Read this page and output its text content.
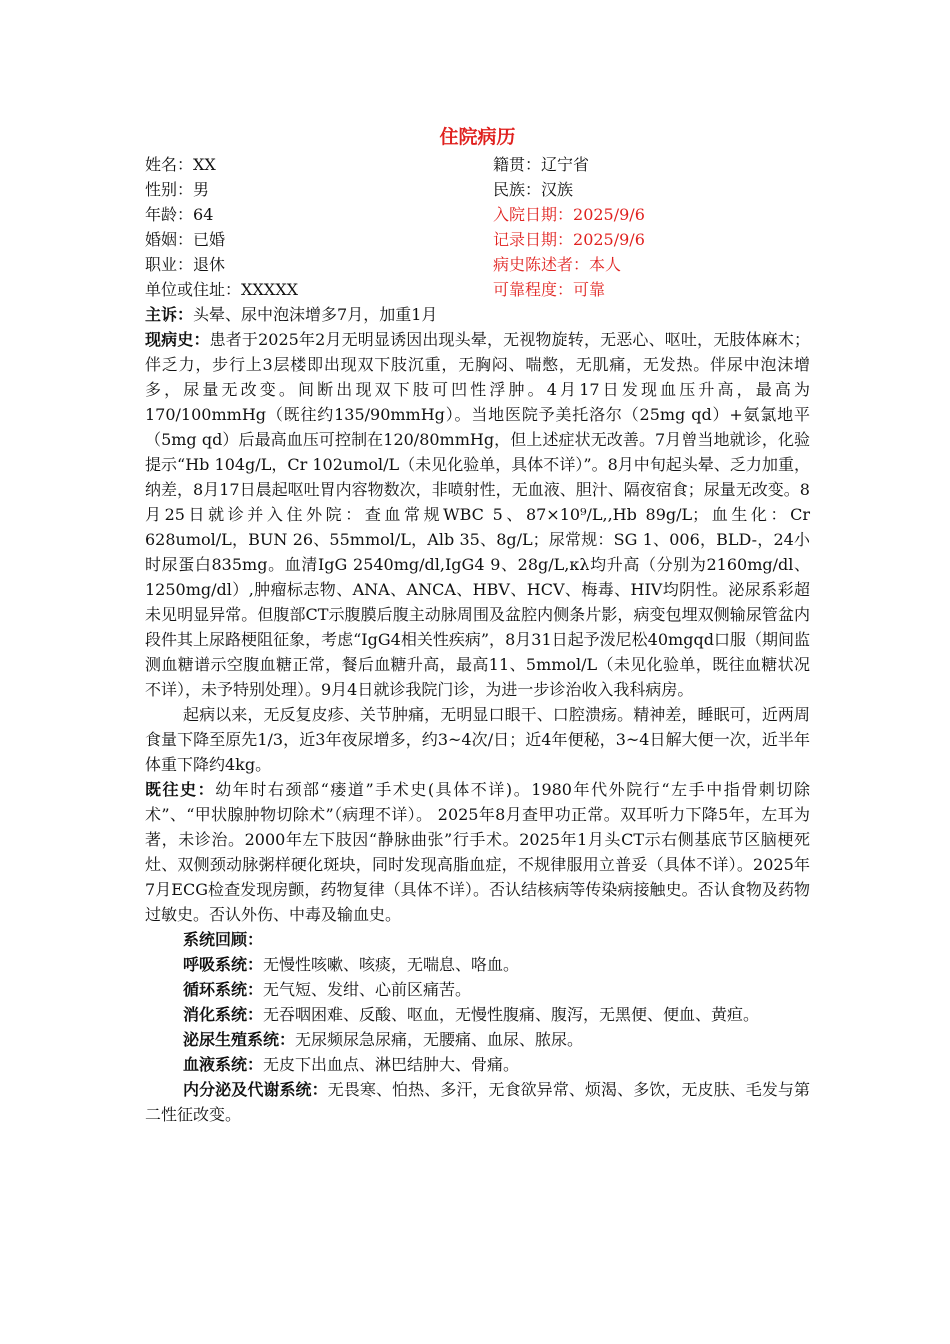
住院病历
姓名：XX	籍贯：辽宁省
性别：男	民族：汉族
年龄：64	入院日期：2025/9/6
婚姻：已婚	记录日期：2025/9/6
职业：退休	病史陈述者：本人
单位或住址：XXXXX	可靠程度：可靠

主诉：头晕、尿中泡沫增多7月，加重1月

现病史：患者于2025年2月无明显诱因出现头晕，无视物旋转，无恶心、呕吐，无肢体麻木；伴乏力，步行上3层楼即出现双下肢沉重，无胸闷、喘憋，无肌痛，无发热。伴尿中泡沫增多，尿量无改变。间断出现双下肢可凹性浮肿。4月17日发现血压升高，最高为170/100mmHg（既往约135/90mmHg）。当地医院予美托洛尔（25mg qd）+氨氯地平（5mg qd）后最高血压可控制在120/80mmHg，但上述症状无改善。7月曾当地就诊，化验提示“Hb 104g/L，Cr 102umol/L（未见化验单，具体不详）”。8月中旬起头晕、乏力加重，纳差，8月17日晨起呕吐胃内容物数次，非喷射性，无血液、胆汁、隔夜宿食；尿量无改变。8月25日就诊并入住外院：查血常规WBC 5、87×10⁹/L,,Hb 89g/L；血生化：Cr 628umol/L，BUN 26、55mmol/L，Alb 35、8g/L；尿常规：SG 1、006，BLD-，24小时尿蛋白835mg。血清IgG 2540mg/dl,IgG4 9、28g/L,κλ均升高（分别为2160mg/dl、1250mg/dl）,肿瘤标志物、ANA、ANCA、HBV、HCV、梅毒、HIV均阴性。泌尿系彩超未见明显异常。但腹部CT示腹膜后腹主动脉周围及盆腔内侧条片影，病变包埋双侧输尿管盆内段件其上尿路梗阻征象，考虑“IgG4相关性疾病”，8月31日起予泼尼松40mgqd口服（期间监测血糖谱示空腹血糖正常，餐后血糖升高，最高11、5mmol/L（未见化验单，既往血糖状况不详），未予特别处理）。9月4日就诊我院门诊，为进一步诊治收入我科病房。

起病以来，无反复皮疹、关节肿痛，无明显口眼干、口腔溃疡。精神差，睡眠可，近两周食量下降至原先1/3，近3年夜尿增多，约3~4次/日；近4年便秘，3~4日解大便一次，近半年体重下降约4kg。

既往史：幼年时右颈部“瘘道”手术史(具体不详)。1980年代外院行“左手中指骨刺切除术”、“甲状腺肿物切除术”（病理不详）。 2025年8月查甲功正常。双耳听力下降5年，左耳为著，未诊治。2000年左下肢因“静脉曲张”行手术。2025年1月头CT示右侧基底节区脑梗死灶、双侧颈动脉粥样硬化斑块，同时发现高脂血症，不规律服用立普妥（具体不详）。2025年7月ECG检查发现房颤，药物复律（具体不详）。否认结核病等传染病接触史。否认食物及药物过敏史。否认外伤、中毒及输血史。

系统回顾：

呼吸系统：无慢性咳嗽、咳痰，无喘息、咯血。

循环系统：无气短、发绀、心前区痛苦。

消化系统：无吞咽困难、反酸、呕血，无慢性腹痛、腹泻，无黑便、便血、黄疸。

泌尿生殖系统：无尿频尿急尿痛，无腰痛、血尿、脓尿。

血液系统：无皮下出血点、淋巴结肿大、骨痛。

内分泌及代谢系统：无畏寒、怕热、多汗，无食欲异常、烦渴、多饮，无皮肤、毛发与第二性征改变。
